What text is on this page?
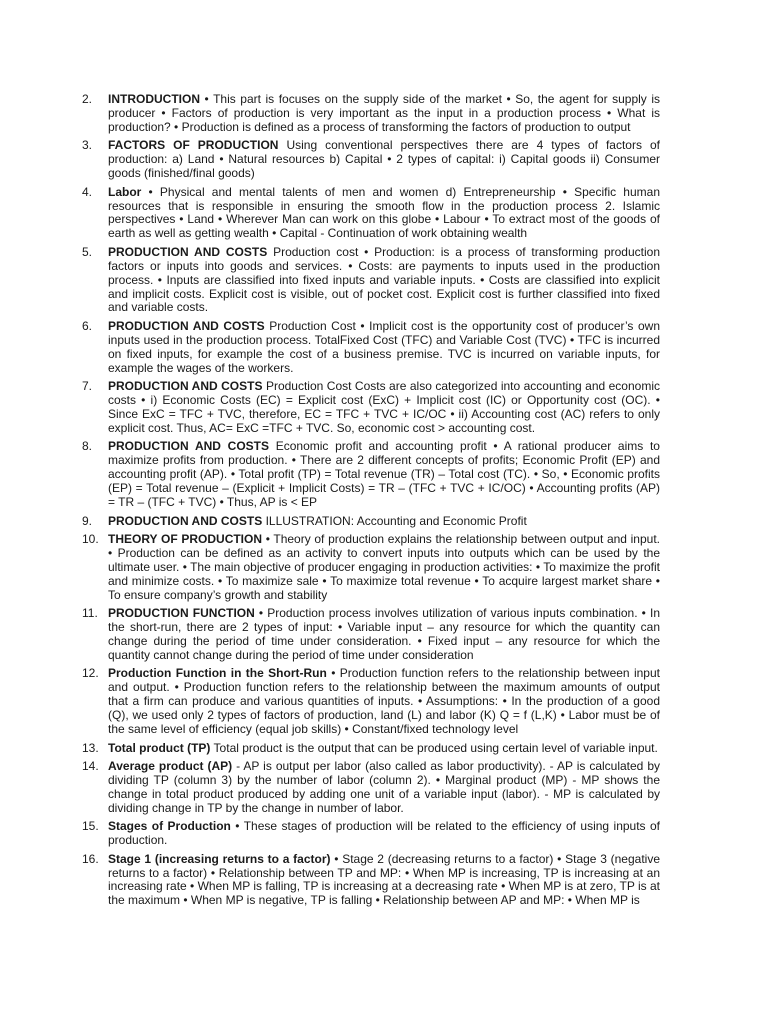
2.	INTRODUCTION • This part is focuses on the supply side of the market • So, the agent for supply is producer • Factors of production is very important as the input in a production process • What is production? • Production is defined as a process of transforming the factors of production to output
3.	FACTORS OF PRODUCTION Using conventional perspectives there are 4 types of factors of production: a) Land • Natural resources b) Capital • 2 types of capital: i) Capital goods ii) Consumer goods (finished/final goods)
4.	Labor • Physical and mental talents of men and women d) Entrepreneurship • Specific human resources that is responsible in ensuring the smooth flow in the production process 2. Islamic perspectives • Land • Wherever Man can work on this globe • Labour • To extract most of the goods of earth as well as getting wealth • Capital - Continuation of work obtaining wealth
5.	PRODUCTION AND COSTS Production cost • Production: is a process of transforming production factors or inputs into goods and services. • Costs: are payments to inputs used in the production process. • Inputs are classified into fixed inputs and variable inputs. • Costs are classified into explicit and implicit costs. Explicit cost is visible, out of pocket cost. Explicit cost is further classified into fixed and variable costs.
6.	PRODUCTION AND COSTS Production Cost • Implicit cost is the opportunity cost of producer’s own inputs used in the production process. TotalFixed Cost (TFC) and Variable Cost (TVC) • TFC is incurred on fixed inputs, for example the cost of a business premise. TVC is incurred on variable inputs, for example the wages of the workers.
7.	PRODUCTION AND COSTS Production Cost Costs are also categorized into accounting and economic costs • i) Economic Costs (EC) = Explicit cost (ExC) + Implicit cost (IC) or Opportunity cost (OC). • Since ExC = TFC + TVC, therefore, EC = TFC + TVC + IC/OC • ii) Accounting cost (AC) refers to only explicit cost. Thus, AC= ExC =TFC + TVC. So, economic cost > accounting cost.
8.	PRODUCTION AND COSTS Economic profit and accounting profit • A rational producer aims to maximize profits from production. • There are 2 different concepts of profits; Economic Profit (EP) and accounting profit (AP). • Total profit (TP) = Total revenue (TR) – Total cost (TC). • So, • Economic profits (EP) = Total revenue – (Explicit + Implicit Costs) = TR – (TFC + TVC + IC/OC) • Accounting profits (AP) = TR – (TFC + TVC) • Thus, AP is < EP
9.	PRODUCTION AND COSTS ILLUSTRATION: Accounting and Economic Profit
10. THEORY OF PRODUCTION • Theory of production explains the relationship between output and input. • Production can be defined as an activity to convert inputs into outputs which can be used by the ultimate user. • The main objective of producer engaging in production activities: • To maximize the profit and minimize costs. • To maximize sale • To maximize total revenue • To acquire largest market share • To ensure company’s growth and stability
11. PRODUCTION FUNCTION • Production process involves utilization of various inputs combination. • In the short-run, there are 2 types of input: • Variable input – any resource for which the quantity can change during the period of time under consideration. • Fixed input – any resource for which the quantity cannot change during the period of time under consideration
12. Production Function in the Short-Run • Production function refers to the relationship between input and output. • Production function refers to the relationship between the maximum amounts of output that a firm can produce and various quantities of inputs. • Assumptions: • In the production of a good (Q), we used only 2 types of factors of production, land (L) and labor (K) Q = f (L,K) • Labor must be of the same level of efficiency (equal job skills) • Constant/fixed technology level
13. Total product (TP) Total product is the output that can be produced using certain level of variable input.
14. Average product (AP) - AP is output per labor (also called as labor productivity). - AP is calculated by dividing TP (column 3) by the number of labor (column 2). • Marginal product (MP) - MP shows the change in total product produced by adding one unit of a variable input (labor). - MP is calculated by dividing change in TP by the change in number of labor.
15. Stages of Production • These stages of production will be related to the efficiency of using inputs of production.
16. Stage 1 (increasing returns to a factor) • Stage 2 (decreasing returns to a factor) • Stage 3 (negative returns to a factor) • Relationship between TP and MP: • When MP is increasing, TP is increasing at an increasing rate • When MP is falling, TP is increasing at a decreasing rate • When MP is at zero, TP is at the maximum • When MP is negative, TP is falling • Relationship between AP and MP: • When MP is
